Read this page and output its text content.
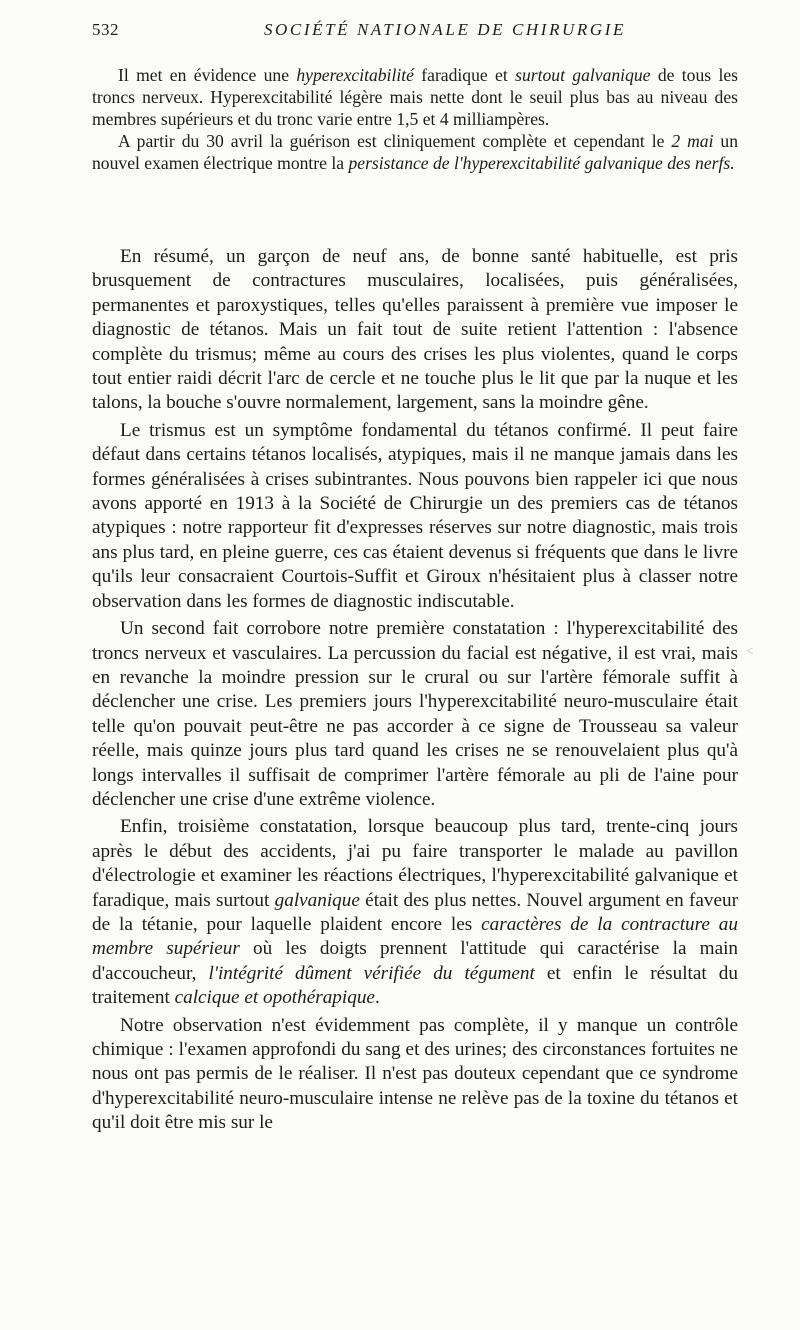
532	SOCIÉTÉ NATIONALE DE CHIRURGIE

Il met en évidence une hyperexcitabilité faradique et surtout galvanique de tous les troncs nerveux. Hyperexcitabilité légère mais nette dont le seuil plus bas au niveau des membres supérieurs et du tronc varie entre 1,5 et 4 milliampères.

A partir du 30 avril la guérison est cliniquement complète et cependant le 2 mai un nouvel examen électrique montre la persistance de l'hyperexcitabilité galvanique des nerfs.

En résumé, un garçon de neuf ans, de bonne santé habituelle, est pris brusquement de contractures musculaires, localisées, puis généralisées, permanentes et paroxystiques, telles qu'elles paraissent à première vue imposer le diagnostic de tétanos. Mais un fait tout de suite retient l'attention : l'absence complète du trismus; même au cours des crises les plus violentes, quand le corps tout entier raidi décrit l'arc de cercle et ne touche plus le lit que par la nuque et les talons, la bouche s'ouvre normalement, largement, sans la moindre gêne.

Le trismus est un symptôme fondamental du tétanos confirmé. Il peut faire défaut dans certains tétanos localisés, atypiques, mais il ne manque jamais dans les formes généralisées à crises subintrantes. Nous pouvons bien rappeler ici que nous avons apporté en 1913 à la Société de Chirurgie un des premiers cas de tétanos atypiques : notre rapporteur fit d'expresses réserves sur notre diagnostic, mais trois ans plus tard, en pleine guerre, ces cas étaient devenus si fréquents que dans le livre qu'ils leur consacraient Courtois-Suffit et Giroux n'hésitaient plus à classer notre observation dans les formes de diagnostic indiscutable.

Un second fait corrobore notre première constatation : l'hyperexcitabilité des troncs nerveux et vasculaires. La percussion du facial est négative, il est vrai, mais en revanche la moindre pression sur le crural ou sur l'artère fémorale suffit à déclencher une crise. Les premiers jours l'hyperexcitabilité neuro-musculaire était telle qu'on pouvait peut-être ne pas accorder à ce signe de Trousseau sa valeur réelle, mais quinze jours plus tard quand les crises ne se renouvelaient plus qu'à longs intervalles il suffisait de comprimer l'artère fémorale au pli de l'aine pour déclencher une crise d'une extrême violence.

Enfin, troisième constatation, lorsque beaucoup plus tard, trente-cinq jours après le début des accidents, j'ai pu faire transporter le malade au pavillon d'électrologie et examiner les réactions électriques, l'hyperexcitabilité galvanique et faradique, mais surtout galvanique était des plus nettes. Nouvel argument en faveur de la tétanie, pour laquelle plaident encore les caractères de la contracture au membre supérieur où les doigts prennent l'attitude qui caractérise la main d'accoucheur, l'intégrité dûment vérifiée du tégument et enfin le résultat du traitement calcique et opothérapique.

Notre observation n'est évidemment pas complète, il y manque un contrôle chimique : l'examen approfondi du sang et des urines; des circonstances fortuites ne nous ont pas permis de le réaliser. Il n'est pas douteux cependant que ce syndrome d'hyperexcitabilité neuro-musculaire intense ne relève pas de la toxine du tétanos et qu'il doit être mis sur le

<
